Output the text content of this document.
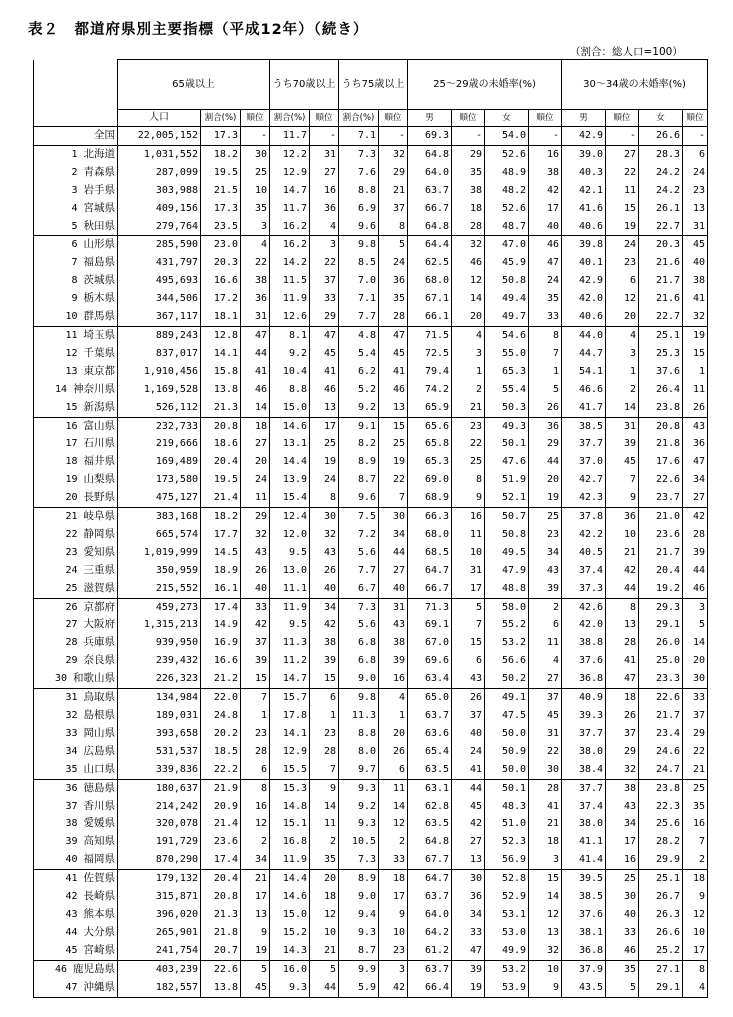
表２　都道府県別主要指標（平成12年）（続き）
（割合：総人口=100）
	65歳以上			うち70歳以上		うち75歳以上		25～29歳の未婚率(%)				30～34歳の未婚率(%)			

	人口	割合(%)	順位	割合(%)	順位	割合(%)	順位	男	順位	女	順位	男	順位	女	順位
全国	22,005,152	17.3	-	11.7	-	7.1	-	69.3	-	54.0	-	42.9	-	26.6	-
1 北海道	1,031,552	18.2	30	12.2	31	7.3	32	64.8	29	52.6	16	39.0	27	28.3	6
2 青森県	287,099	19.5	25	12.9	27	7.6	29	64.0	35	48.9	38	40.3	22	24.2	24
3 岩手県	303,988	21.5	10	14.7	16	8.8	21	63.7	38	48.2	42	42.1	11	24.2	23
4 宮城県	409,156	17.3	35	11.7	36	6.9	37	66.7	18	52.6	17	41.6	15	26.1	13
5 秋田県	279,764	23.5	3	16.2	4	9.6	8	64.8	28	48.7	40	40.6	19	22.7	31
6 山形県	285,590	23.0	4	16.2	3	9.8	5	64.4	32	47.0	46	39.8	24	20.3	45
7 福島県	431,797	20.3	22	14.2	22	8.5	24	62.5	46	45.9	47	40.1	23	21.6	40
8 茨城県	495,693	16.6	38	11.5	37	7.0	36	68.0	12	50.8	24	42.9	6	21.7	38
9 栃木県	344,506	17.2	36	11.9	33	7.1	35	67.1	14	49.4	35	42.0	12	21.6	41
10 群馬県	367,117	18.1	31	12.6	29	7.7	28	66.1	20	49.7	33	40.6	20	22.7	32
11 埼玉県	889,243	12.8	47	8.1	47	4.8	47	71.5	4	54.6	8	44.0	4	25.1	19
12 千葉県	837,017	14.1	44	9.2	45	5.4	45	72.5	3	55.0	7	44.7	3	25.3	15
13 東京都	1,910,456	15.8	41	10.4	41	6.2	41	79.4	1	65.3	1	54.1	1	37.6	1
14 神奈川県	1,169,528	13.8	46	8.8	46	5.2	46	74.2	2	55.4	5	46.6	2	26.4	11
15 新潟県	526,112	21.3	14	15.0	13	9.2	13	65.9	21	50.3	26	41.7	14	23.8	26
16 富山県	232,733	20.8	18	14.6	17	9.1	15	65.6	23	49.3	36	38.5	31	20.8	43
17 石川県	219,666	18.6	27	13.1	25	8.2	25	65.8	22	50.1	29	37.7	39	21.8	36
18 福井県	169,489	20.4	20	14.4	19	8.9	19	65.3	25	47.6	44	37.0	45	17.6	47
19 山梨県	173,580	19.5	24	13.9	24	8.7	22	69.0	8	51.9	20	42.7	7	22.6	34
20 長野県	475,127	21.4	11	15.4	8	9.6	7	68.9	9	52.1	19	42.3	9	23.7	27
21 岐阜県	383,168	18.2	29	12.4	30	7.5	30	66.3	16	50.7	25	37.8	36	21.0	42
22 静岡県	665,574	17.7	32	12.0	32	7.2	34	68.0	11	50.8	23	42.2	10	23.6	28
23 愛知県	1,019,999	14.5	43	9.5	43	5.6	44	68.5	10	49.5	34	40.5	21	21.7	39
24 三重県	350,959	18.9	26	13.0	26	7.7	27	64.7	31	47.9	43	37.4	42	20.4	44
25 滋賀県	215,552	16.1	40	11.1	40	6.7	40	66.7	17	48.8	39	37.3	44	19.2	46
26 京都府	459,273	17.4	33	11.9	34	7.3	31	71.3	5	58.0	2	42.6	8	29.3	3
27 大阪府	1,315,213	14.9	42	9.5	42	5.6	43	69.1	7	55.2	6	42.0	13	29.1	5
28 兵庫県	939,950	16.9	37	11.3	38	6.8	38	67.0	15	53.2	11	38.8	28	26.0	14
29 奈良県	239,432	16.6	39	11.2	39	6.8	39	69.6	6	56.6	4	37.6	41	25.0	20
30 和歌山県	226,323	21.2	15	14.7	15	9.0	16	63.4	43	50.2	27	36.8	47	23.3	30
31 鳥取県	134,984	22.0	7	15.7	6	9.8	4	65.0	26	49.1	37	40.9	18	22.6	33
32 島根県	189,031	24.8	1	17.8	1	11.3	1	63.7	37	47.5	45	39.3	26	21.7	37
33 岡山県	393,658	20.2	23	14.1	23	8.8	20	63.6	40	50.0	31	37.7	37	23.4	29
34 広島県	531,537	18.5	28	12.9	28	8.0	26	65.4	24	50.9	22	38.0	29	24.6	22
35 山口県	339,836	22.2	6	15.5	7	9.7	6	63.5	41	50.0	30	38.4	32	24.7	21
36 徳島県	180,637	21.9	8	15.3	9	9.3	11	63.1	44	50.1	28	37.7	38	23.8	25
37 香川県	214,242	20.9	16	14.8	14	9.2	14	62.8	45	48.3	41	37.4	43	22.3	35
38 愛媛県	320,078	21.4	12	15.1	11	9.3	12	63.5	42	51.0	21	38.0	34	25.6	16
39 高知県	191,729	23.6	2	16.8	2	10.5	2	64.8	27	52.3	18	41.1	17	28.2	7
40 福岡県	870,290	17.4	34	11.9	35	7.3	33	67.7	13	56.9	3	41.4	16	29.9	2
41 佐賀県	179,132	20.4	21	14.4	20	8.9	18	64.7	30	52.8	15	39.5	25	25.1	18
42 長崎県	315,871	20.8	17	14.6	18	9.0	17	63.7	36	52.9	14	38.5	30	26.7	9
43 熊本県	396,020	21.3	13	15.0	12	9.4	9	64.0	34	53.1	12	37.6	40	26.3	12
44 大分県	265,901	21.8	9	15.2	10	9.3	10	64.2	33	53.0	13	38.1	33	26.6	10
45 宮崎県	241,754	20.7	19	14.3	21	8.7	23	61.2	47	49.9	32	36.8	46	25.2	17
46 鹿児島県	403,239	22.6	5	16.0	5	9.9	3	63.7	39	53.2	10	37.9	35	27.1	8
47 沖縄県	182,557	13.8	45	9.3	44	5.9	42	66.4	19	53.9	9	43.5	5	29.1	4
